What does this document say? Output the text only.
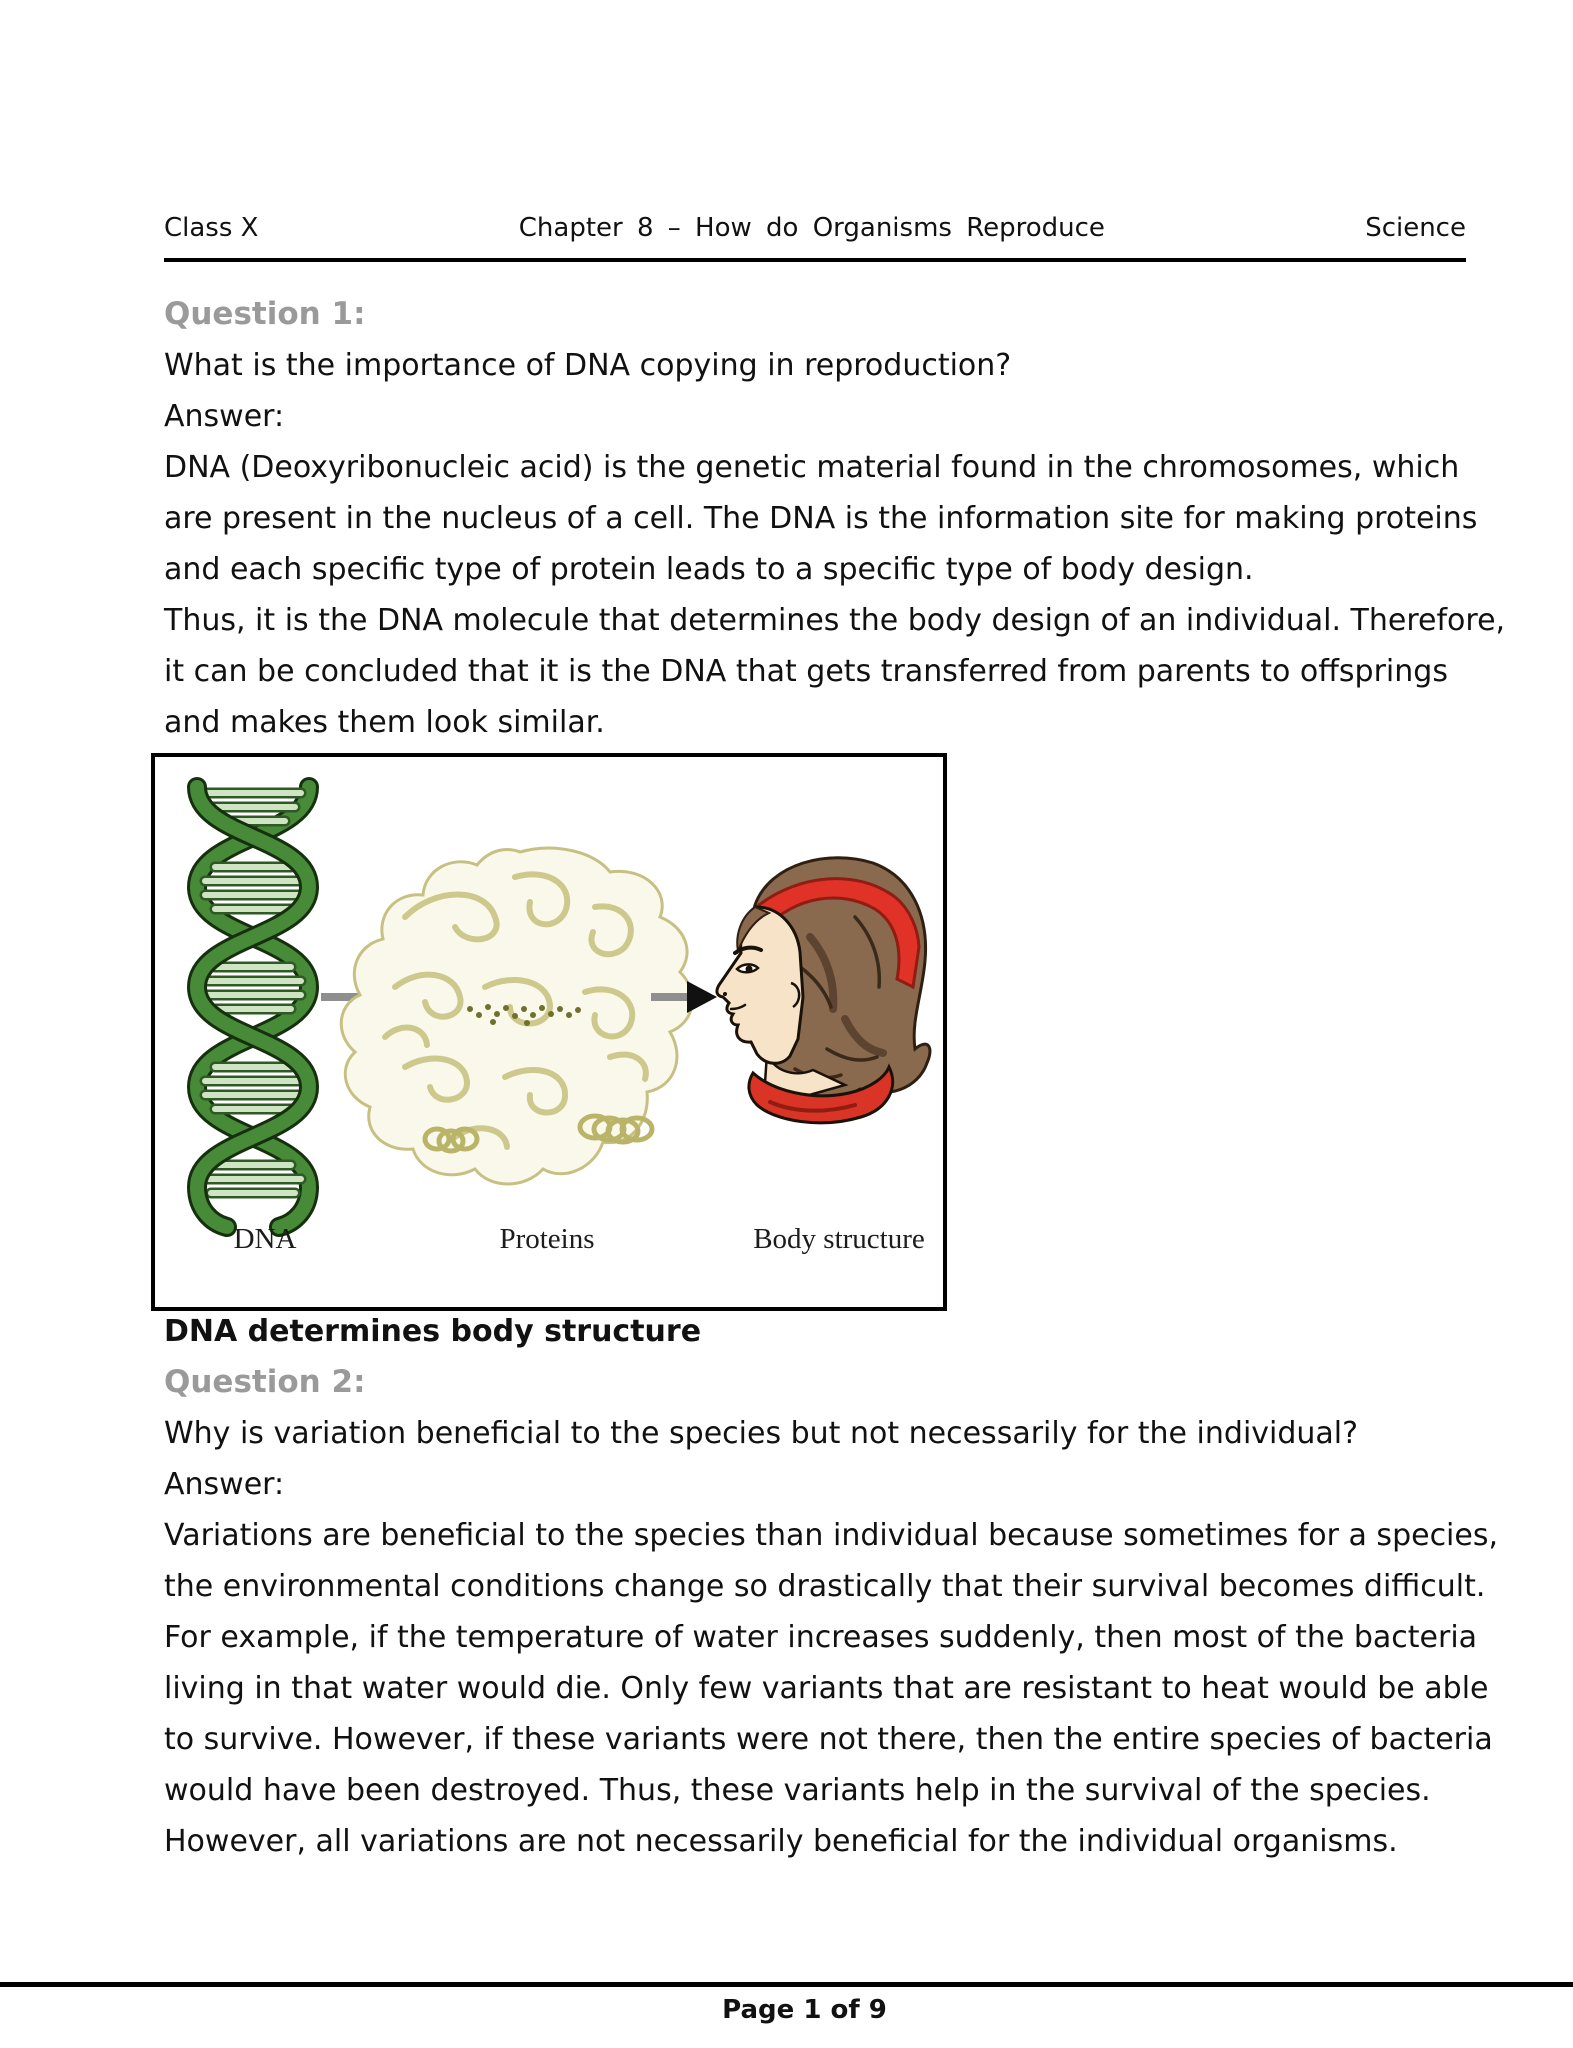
Class X	Chapter 8 – How do Organisms Reproduce	Science
Question 1:
What is the importance of DNA copying in reproduction?
Answer:
DNA (Deoxyribonucleic acid) is the genetic material found in the chromosomes, which
are present in the nucleus of a cell. The DNA is the information site for making proteins
and each specific type of protein leads to a specific type of body design.
Thus, it is the DNA molecule that determines the body design of an individual. Therefore,
it can be concluded that it is the DNA that gets transferred from parents to offsprings
and makes them look similar.
DNA	Proteins	Body structure
DNA determines body structure
Question 2:
Why is variation beneficial to the species but not necessarily for the individual?
Answer:
Variations are beneficial to the species than individual because sometimes for a species,
the environmental conditions change so drastically that their survival becomes difficult.
For example, if the temperature of water increases suddenly, then most of the bacteria
living in that water would die. Only few variants that are resistant to heat would be able
to survive. However, if these variants were not there, then the entire species of bacteria
would have been destroyed. Thus, these variants help in the survival of the species.
However, all variations are not necessarily beneficial for the individual organisms.
Page 1 of 9
